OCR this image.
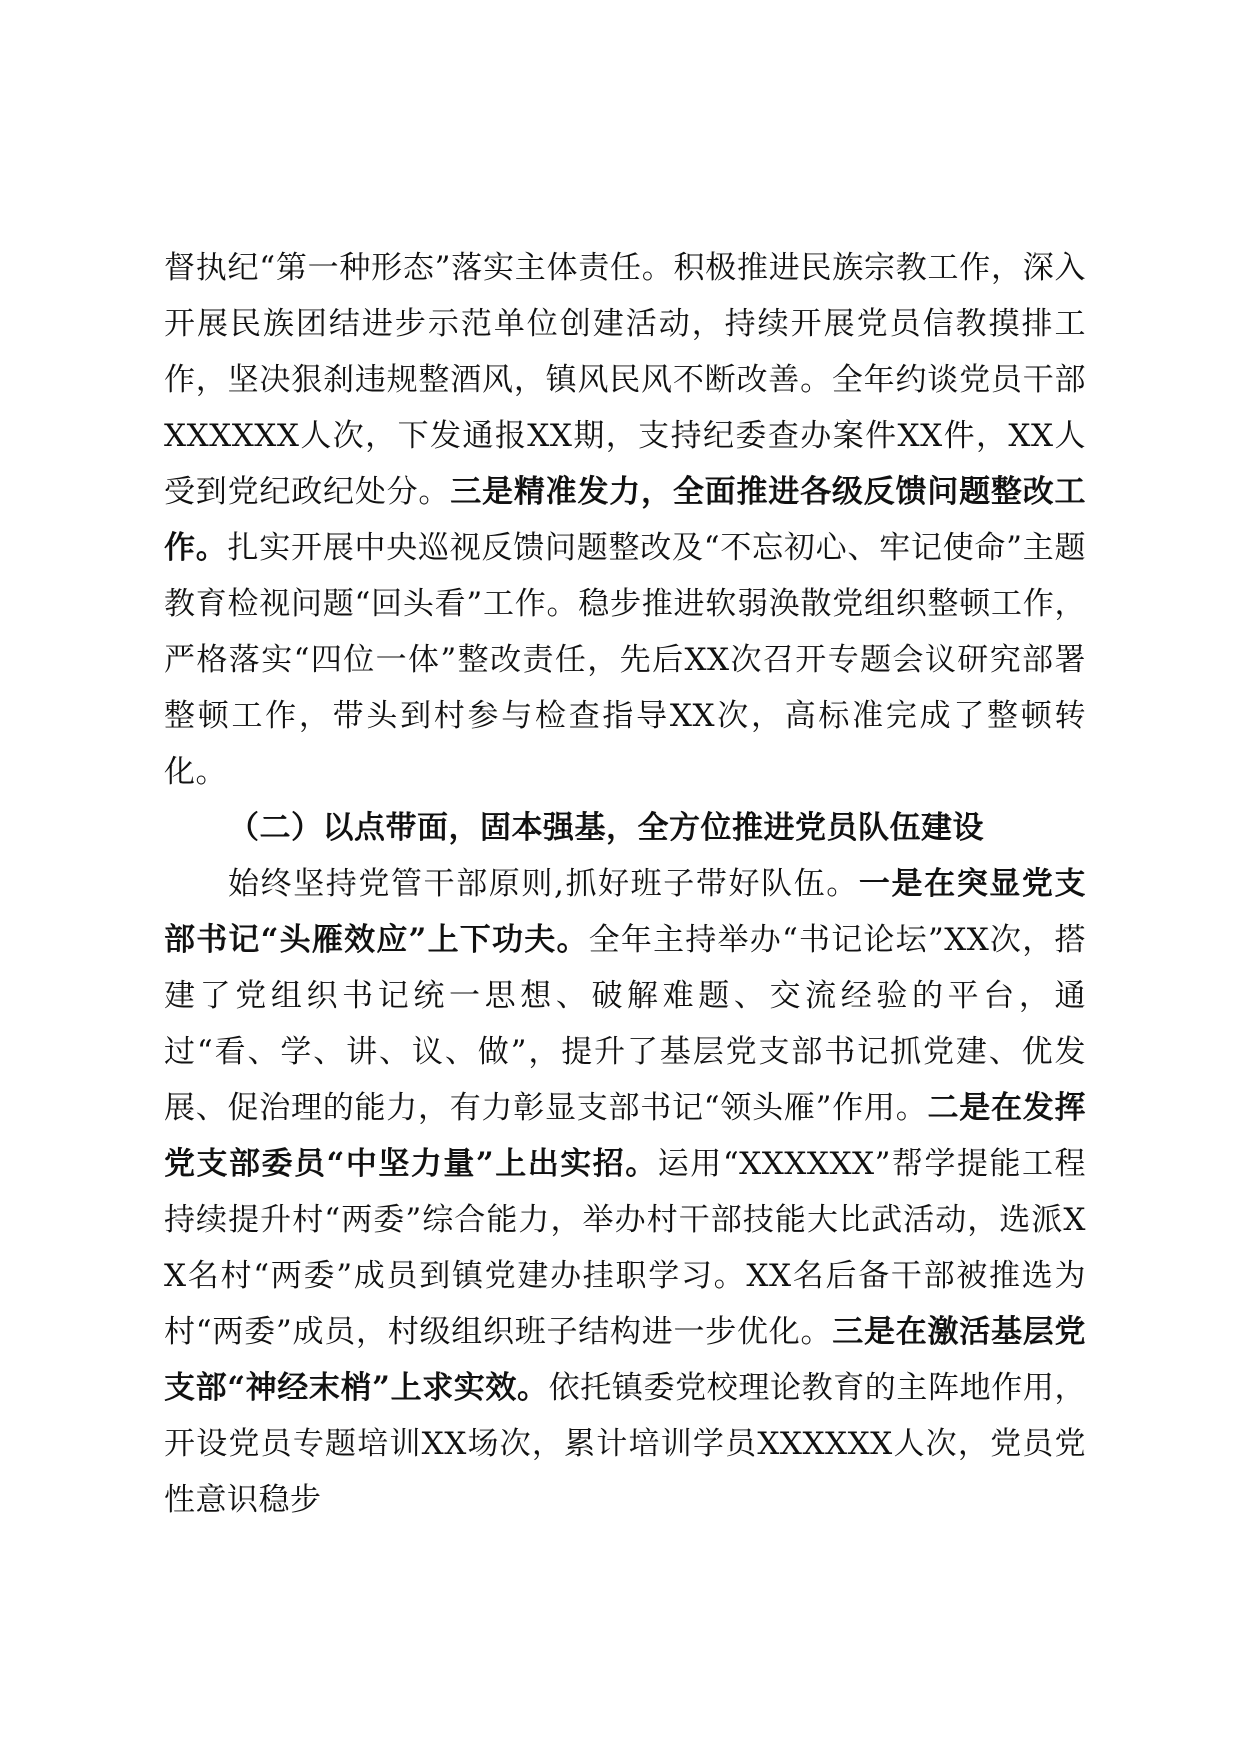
督执纪“第一种形态”落实主体责任。积极推进民族宗教工作，深入开展民族团结进步示范单位创建活动，持续开展党员信教摸排工作，坚决狠刹违规整酒风，镇风民风不断改善。全年约谈党员干部XXXXXX人次，下发通报XX期，支持纪委查办案件XX件，XX人受到党纪政纪处分。三是精准发力，全面推进各级反馈问题整改工作。扎实开展中央巡视反馈问题整改及“不忘初心、牢记使命”主题教育检视问题“回头看”工作。稳步推进软弱涣散党组织整顿工作，严格落实“四位一体”整改责任，先后XX次召开专题会议研究部署整顿工作，带头到村参与检查指导XX次，高标准完成了整顿转化。

（二）以点带面，固本强基，全方位推进党员队伍建设

始终坚持党管干部原则,抓好班子带好队伍。一是在突显党支部书记“头雁效应”上下功夫。全年主持举办“书记论坛”XX次，搭建了党组织书记统一思想、破解难题、交流经验的平台，通过“看、学、讲、议、做”，提升了基层党支部书记抓党建、优发展、促治理的能力，有力彰显支部书记“领头雁”作用。二是在发挥党支部委员“中坚力量”上出实招。运用“XXXXXX”帮学提能工程持续提升村“两委”综合能力，举办村干部技能大比武活动，选派XX名村“两委”成员到镇党建办挂职学习。XX名后备干部被推选为村“两委”成员，村级组织班子结构进一步优化。三是在激活基层党支部“神经末梢”上求实效。依托镇委党校理论教育的主阵地作用，开设党员专题培训XX场次，累计培训学员XXXXXX人次，党员党性意识稳步
